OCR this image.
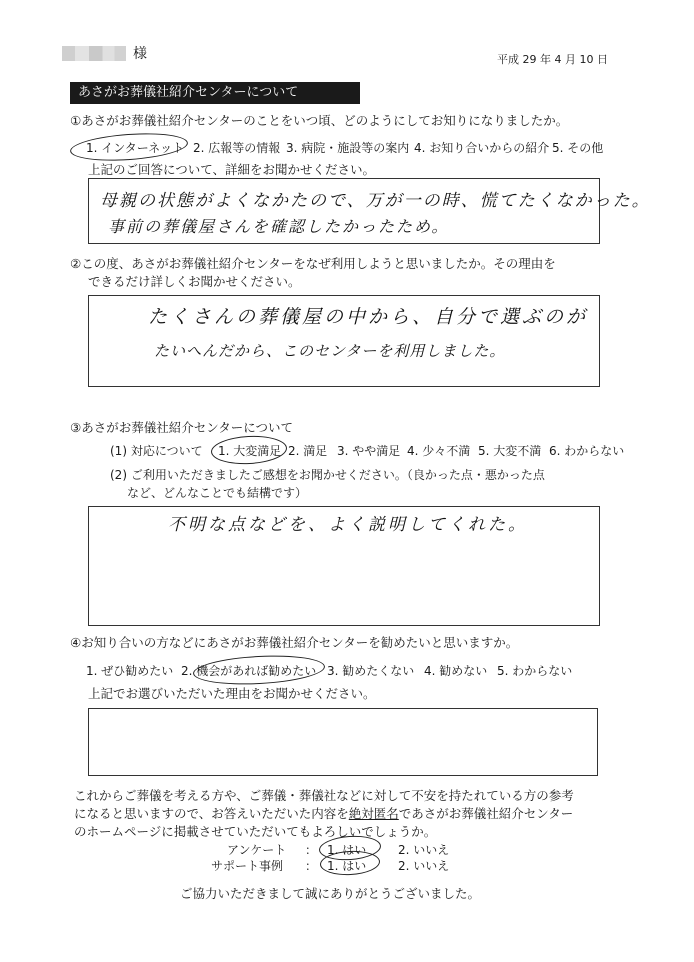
様	平成 29 年 4 月 10 日
あさがお葬儀社紹介センターについて
①あさがお葬儀社紹介センターのことをいつ頃、どのようにしてお知りになりましたか。
1. インターネット 2. 広報等の情報 3. 病院・施設等の案内 4. お知り合いからの紹介 5. その他
上記のご回答について、詳細をお聞かせください。
母親の状態がよくなかたので、万が一の時、慌てたくなかった。
事前の葬儀屋さんを確認したかったため。
②この度、あさがお葬儀社紹介センターをなぜ利用しようと思いましたか。その理由を
できるだけ詳しくお聞かせください。
たくさんの葬儀屋の中から、自分で選ぶのが
たいへんだから、このセンターを利用しました。
③あさがお葬儀社紹介センターについて
(1) 対応について 1. 大変満足 2. 満足 3. やや満足 4. 少々不満 5. 大変不満 6. わからない
(2) ご利用いただきましたご感想をお聞かせください。（良かった点・悪かった点
など、どんなことでも結構です）
不明な点などを、よく説明してくれた。
④お知り合いの方などにあさがお葬儀社紹介センターを勧めたいと思いますか。
1. ぜひ勧めたい 2. 機会があれば勧めたい 3. 勧めたくない 4. 勧めない 5. わからない
上記でお選びいただいた理由をお聞かせください。
これからご葬儀を考える方や、ご葬儀・葬儀社などに対して不安を持たれている方の参考
になると思いますので、お答えいただいた内容を絶対匿名であさがお葬儀社紹介センター
のホームページに掲載させていただいてもよろしいでしょうか。
アンケート ： 1. はい	2. いいえ
サポート事例 ： 1. はい	2. いいえ
ご協力いただきまして誠にありがとうございました。
